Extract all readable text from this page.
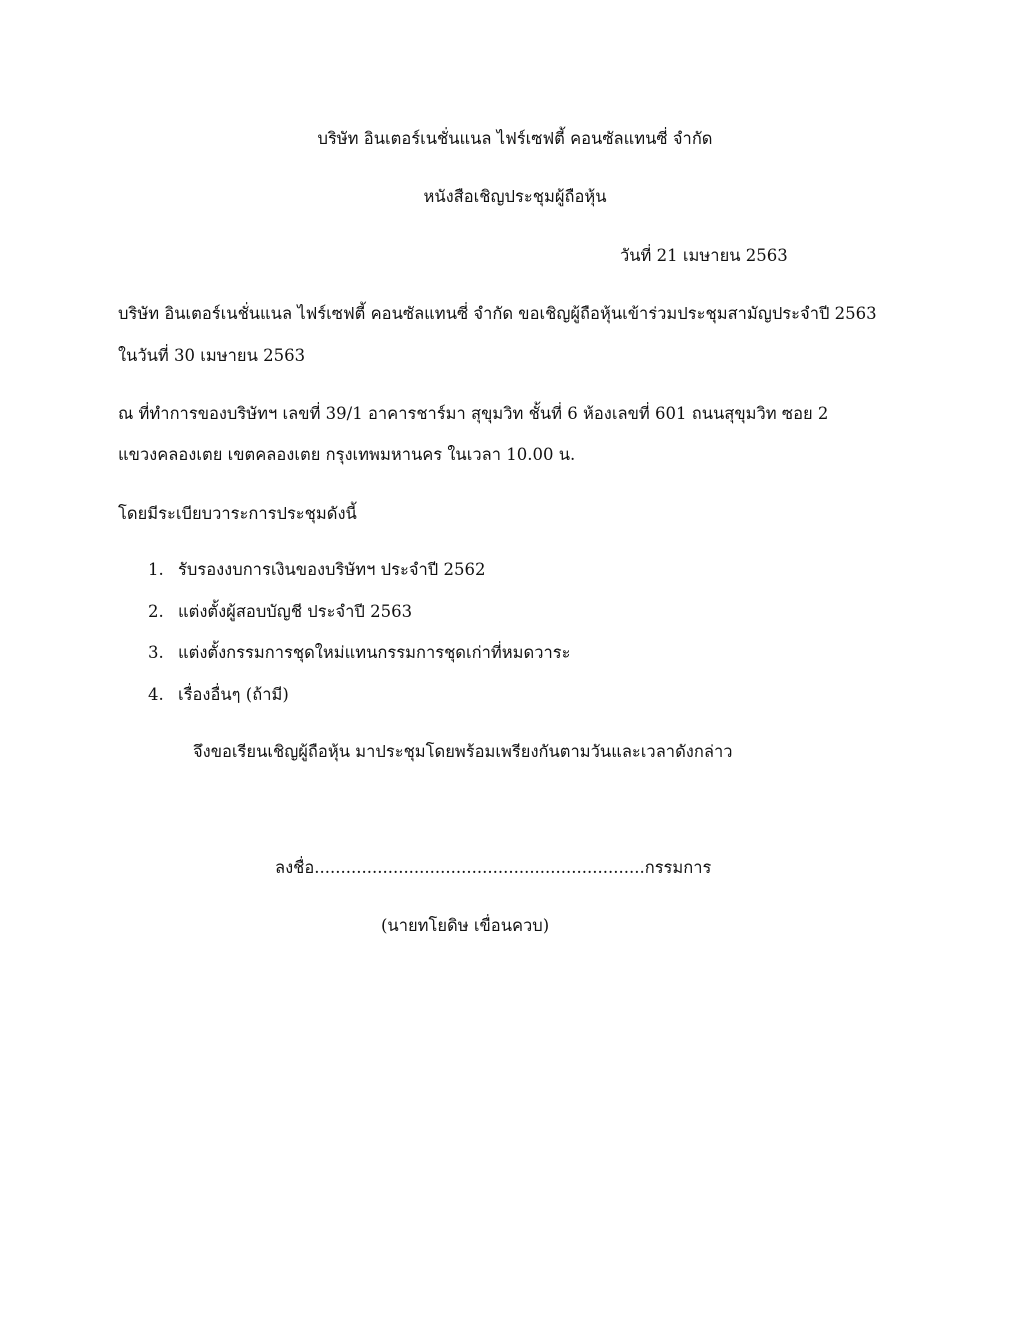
บริษัท อินเตอร์เนชั่นแนล ไฟร์เซฟตี้ คอนซัลแทนซี่ จำกัด
หนังสือเชิญประชุมผู้ถือหุ้น
วันที่ 21 เมษายน 2563
บริษัท อินเตอร์เนชั่นแนล ไฟร์เซฟตี้ คอนซัลแทนซี่ จำกัด ขอเชิญผู้ถือหุ้นเข้าร่วมประชุมสามัญประจำปี 2563
ในวันที่ 30 เมษายน 2563
ณ ที่ทำการของบริษัทฯ เลขที่ 39/1 อาคารชาร์มา สุขุมวิท ชั้นที่ 6 ห้องเลขที่ 601 ถนนสุขุมวิท ซอย 2
แขวงคลองเตย เขตคลองเตย กรุงเทพมหานคร ในเวลา 10.00 น.
โดยมีระเบียบวาระการประชุมดังนี้
1. รับรองงบการเงินของบริษัทฯ ประจำปี 2562
2. แต่งตั้งผู้สอบบัญชี ประจำปี 2563
3. แต่งตั้งกรรมการชุดใหม่แทนกรรมการชุดเก่าที่หมดวาระ
4. เรื่องอื่นๆ (ถ้ามี)
จึงขอเรียนเชิญผู้ถือหุ้น มาประชุมโดยพร้อมเพรียงกันตามวันและเวลาดังกล่าว
ลงชื่อ...............................................................กรรมการ
(นายทโยดิษ เขื่อนควบ)
